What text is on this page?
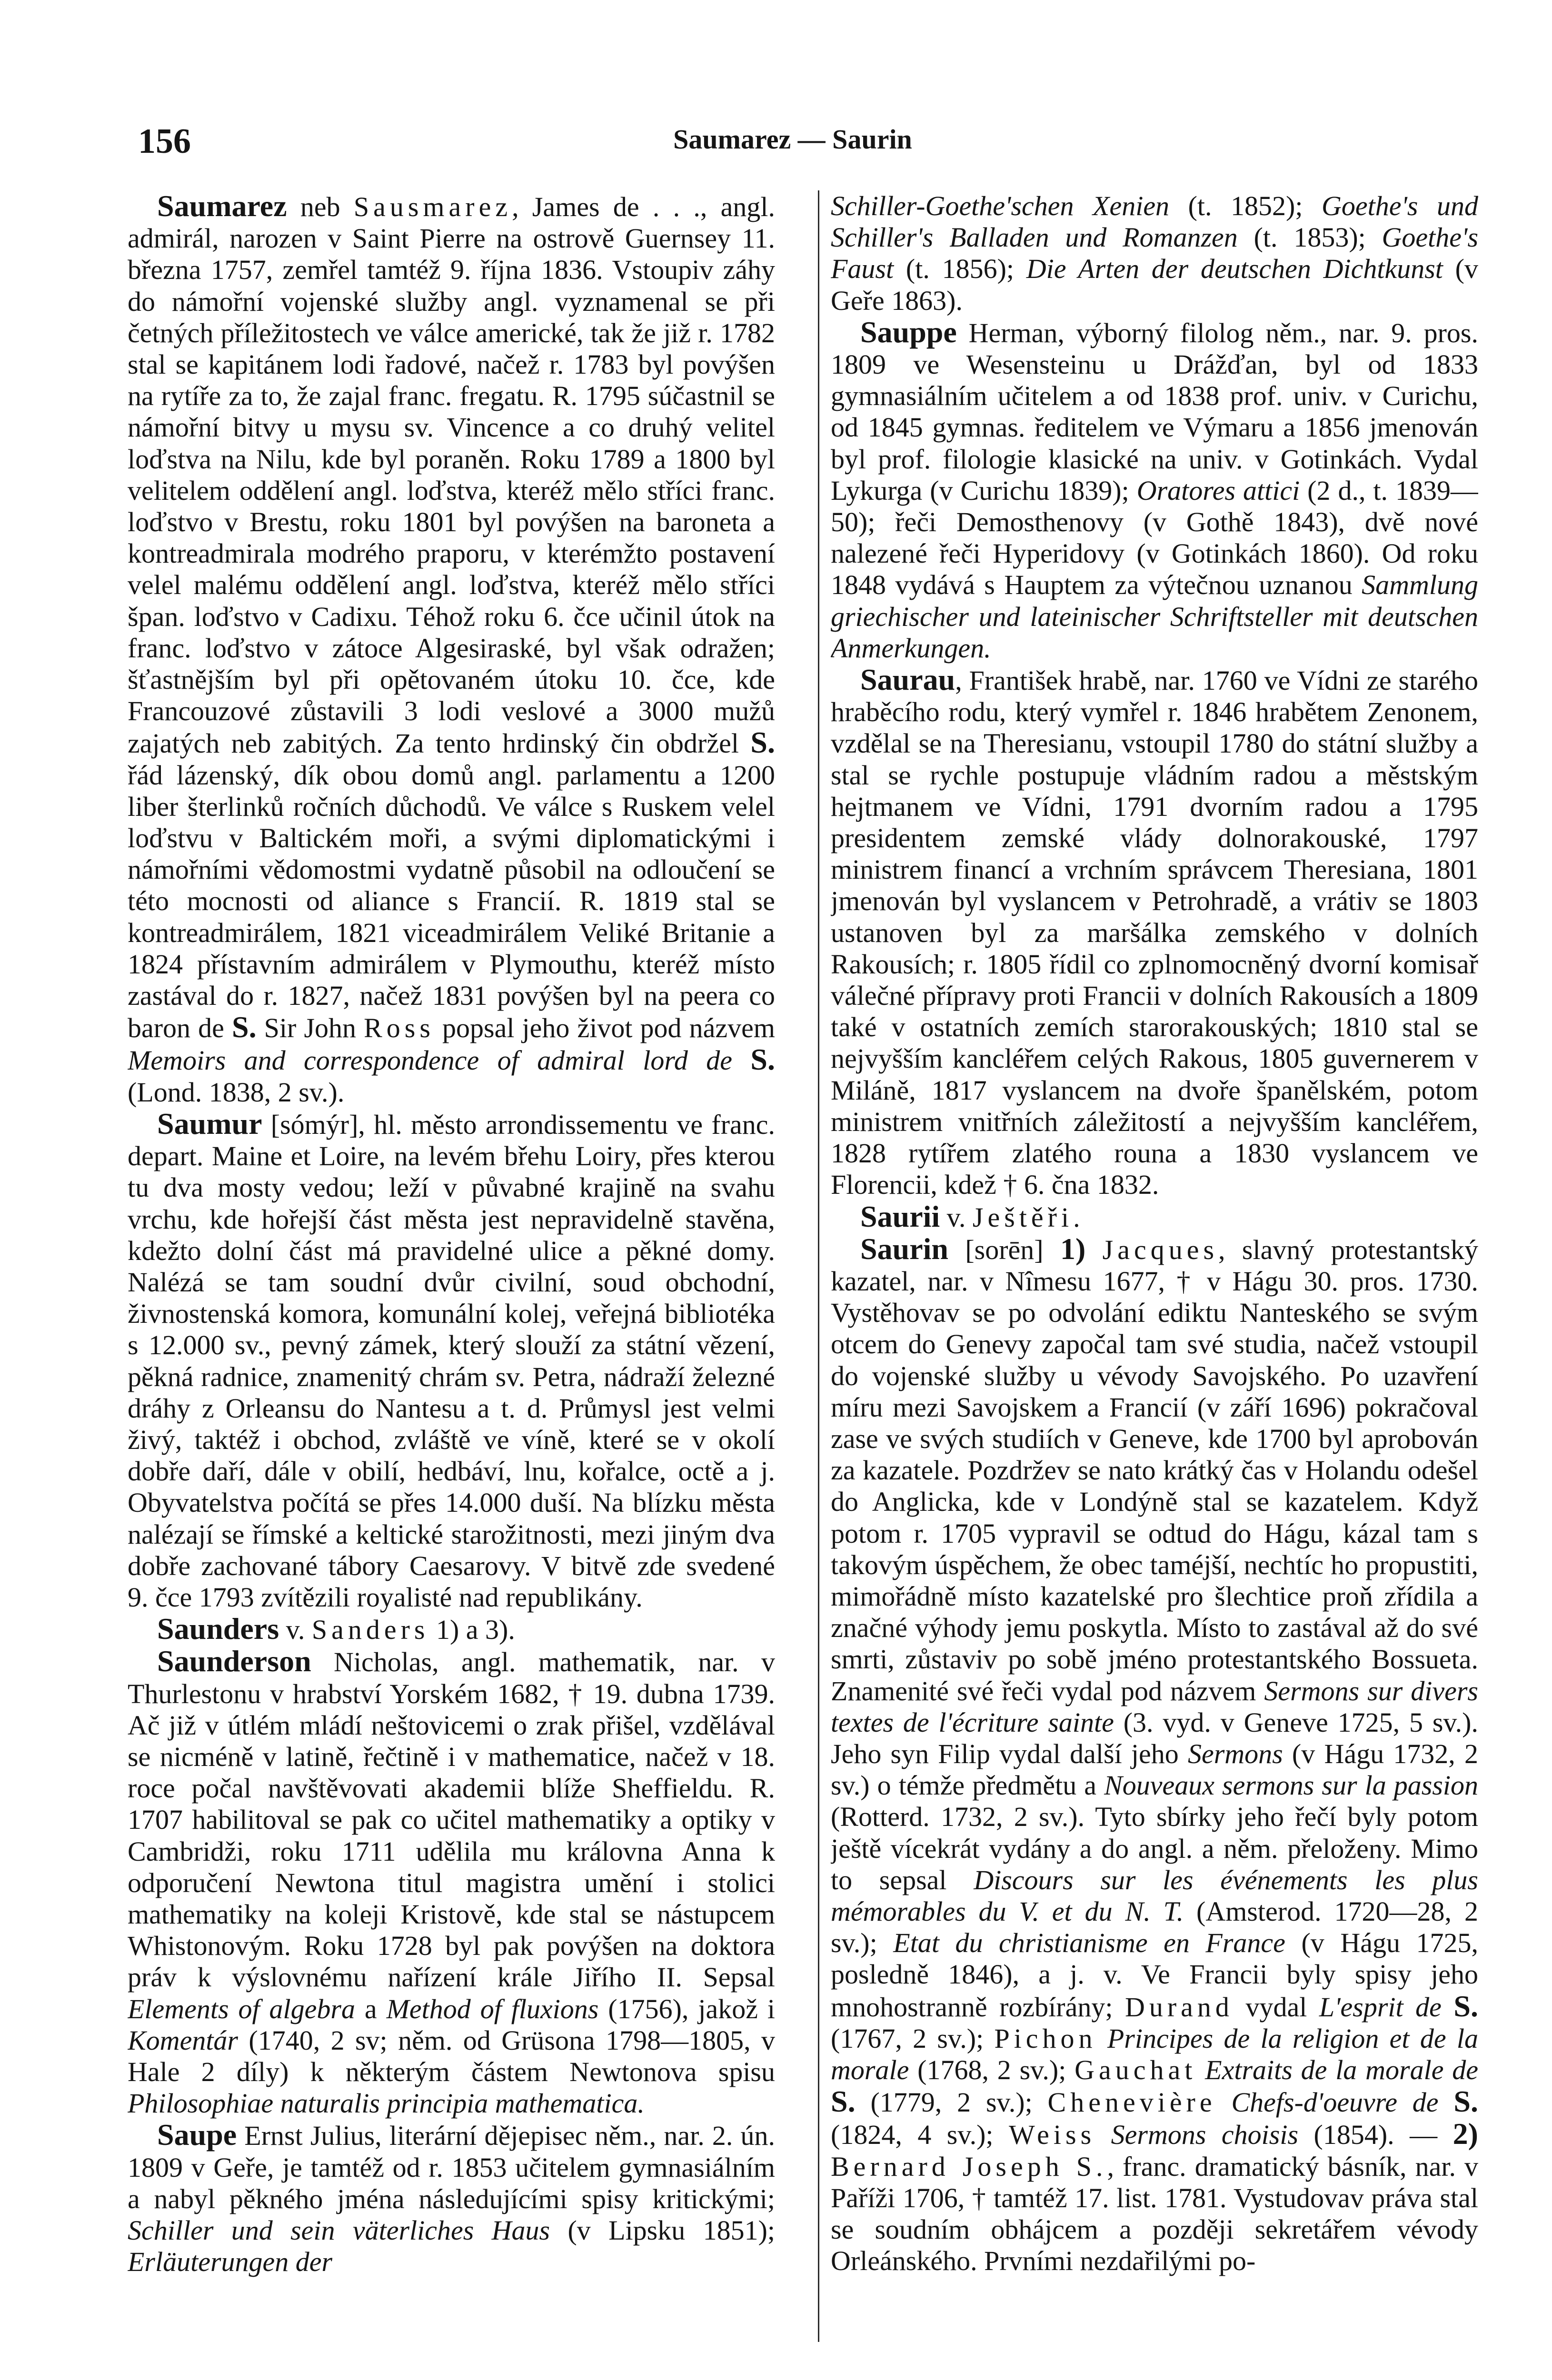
156	Saumarez — Saurin

Saumarez neb Sausmarez, James de . . ., angl. admirál, narozen v Saint Pierre na ostrově Guernsey 11. března 1757, zemřel tamtéž 9. října 1836. Vstoupiv záhy do námořní vojenské služby angl. vyznamenal se při četných příležitostech ve válce americké, tak že již r. 1782 stal se kapitánem lodi řadové, načež r. 1783 byl povýšen na rytíře za to, že zajal franc. fregatu. R. 1795 súčastnil se námořní bitvy u mysu sv. Vincence a co druhý velitel loďstva na Nilu, kde byl poraněn. Roku 1789 a 1800 byl velitelem oddělení angl. loďstva, kteréž mělo stříci franc. loďstvo v Brestu, roku 1801 byl povýšen na baroneta a kontreadmirala modrého praporu, v kterémžto postavení velel malému oddělení angl. loďstva, kteréž mělo stříci špan. loďstvo v Cadixu. Téhož roku 6. čce učinil útok na franc. loďstvo v zátoce Algesiraské, byl však odražen; šťastnějším byl při opětovaném útoku 10. čce, kde Francouzové zůstavili 3 lodi veslové a 3000 mužů zajatých neb zabitých. Za tento hrdinský čin obdržel S. řád lázenský, dík obou domů angl. parlamentu a 1200 liber šterlinků ročních důchodů. Ve válce s Ruskem velel loďstvu v Baltickém moři, a svými diplomatickými i námořními vědomostmi vydatně působil na odloučení se této mocnosti od aliance s Francií. R. 1819 stal se kontreadmirálem, 1821 viceadmirálem Veliké Britanie a 1824 přístavním admirálem v Plymouthu, kteréž místo zastával do r. 1827, načež 1831 povýšen byl na peera co baron de S. Sir John Ross popsal jeho život pod názvem Memoirs and correspondence of admiral lord de S. (Lond. 1838, 2 sv.).

Saumur [sómýr], hl. město arrondissementu ve franc. depart. Maine et Loire, na levém břehu Loiry, přes kterou tu dva mosty vedou; leží v půvabné krajině na svahu vrchu, kde hořejší část města jest nepravidelně stavěna, kdežto dolní část má pravidelné ulice a pěkné domy. Nalézá se tam soudní dvůr civilní, soud obchodní, živnostenská komora, komunální kolej, veřejná bibliotéka s 12.000 sv., pevný zámek, který slouží za státní vězení, pěkná radnice, znamenitý chrám sv. Petra, nádraží železné dráhy z Orleansu do Nantesu a t. d. Průmysl jest velmi živý, taktéž i obchod, zvláště ve víně, které se v okolí dobře daří, dále v obilí, hedbáví, lnu, kořalce, octě a j. Obyvatelstva počítá se přes 14.000 duší. Na blízku města nalézají se římské a keltické starožitnosti, mezi jiným dva dobře zachované tábory Caesarovy. V bitvě zde svedené 9. čce 1793 zvítězili royalisté nad republikány.

Saunders v. Sanders 1) a 3).

Saunderson Nicholas, angl. mathematik, nar. v Thurlestonu v hrabství Yorském 1682, † 19. dubna 1739. Ač již v útlém mládí neštovicemi o zrak přišel, vzdělával se nicméně v latině, řečtině i v mathematice, načež v 18. roce počal navštěvovati akademii blíže Sheffieldu. R. 1707 habilitoval se pak co učitel mathematiky a optiky v Cambridži, roku 1711 udělila mu královna Anna k odporučení Newtona titul magistra umění i stolici mathematiky na koleji Kristově, kde stal se nástupcem Whistonovým. Roku 1728 byl pak povýšen na doktora práv k výslovnému nařízení krále Jiřího II. Sepsal Elements of algebra a Method of fluxions (1756), jakož i Komentár (1740, 2 sv; něm. od Grüsona 1798—1805, v Hale 2 díly) k některým částem Newtonova spisu Philosophiae naturalis principia mathematica.

Saupe Ernst Julius, literární dějepisec něm., nar. 2. ún. 1809 v Geře, je tamtéž od r. 1853 učitelem gymnasiálním a nabyl pěkného jména následujícími spisy kritickými; Schiller und sein väterliches Haus (v Lipsku 1851); Erläuterungen der

Schiller-Goethe'schen Xenien (t. 1852); Goethe's und Schiller's Balladen und Romanzen (t. 1853); Goethe's Faust (t. 1856); Die Arten der deutschen Dichtkunst (v Geře 1863).

Sauppe Herman, výborný filolog něm., nar. 9. pros. 1809 ve Wesensteinu u Drážďan, byl od 1833 gymnasiálním učitelem a od 1838 prof. univ. v Curichu, od 1845 gymnas. ředitelem ve Výmaru a 1856 jmenován byl prof. filologie klasické na univ. v Gotinkách. Vydal Lykurga (v Curichu 1839); Oratores attici (2 d., t. 1839—50); řeči Demosthenovy (v Gothě 1843), dvě nové nalezené řeči Hyperidovy (v Gotinkách 1860). Od roku 1848 vydává s Hauptem za výtečnou uznanou Sammlung griechischer und lateinischer Schriftsteller mit deutschen Anmerkungen.

Saurau, František hrabě, nar. 1760 ve Vídni ze starého hraběcího rodu, který vymřel r. 1846 hrabětem Zenonem, vzdělal se na Theresianu, vstoupil 1780 do státní služby a stal se rychle postupuje vládním radou a městským hejtmanem ve Vídni, 1791 dvorním radou a 1795 presidentem zemské vlády dolnorakouské, 1797 ministrem financí a vrchním správcem Theresiana, 1801 jmenován byl vyslancem v Petrohradě, a vrátiv se 1803 ustanoven byl za maršálka zemského v dolních Rakousích; r. 1805 řídil co zplnomocněný dvorní komisař válečné přípravy proti Francii v dolních Rakousích a 1809 také v ostatních zemích starorakouských; 1810 stal se nejvyšším kancléřem celých Rakous, 1805 guvernerem v Miláně, 1817 vyslancem na dvoře španělském, potom ministrem vnitřních záležitostí a nejvyšším kancléřem, 1828 rytířem zlatého rouna a 1830 vyslancem ve Florencii, kdež † 6. čna 1832.

Saurii v. Ještěři.

Saurin [sorēn] 1) Jacques, slavný protestantský kazatel, nar. v Nîmesu 1677, † v Hágu 30. pros. 1730. Vystěhovav se po odvolání ediktu Nanteského se svým otcem do Genevy započal tam své studia, načež vstoupil do vojenské služby u vévody Savojského. Po uzavření míru mezi Savojskem a Francií (v září 1696) pokračoval zase ve svých studiích v Geneve, kde 1700 byl aprobován za kazatele. Pozdržev se nato krátký čas v Holandu odešel do Anglicka, kde v Londýně stal se kazatelem. Když potom r. 1705 vypravil se odtud do Hágu, kázal tam s takovým úspěchem, že obec taméjší, nechtíc ho propustiti, mimořádně místo kazatelské pro šlechtice proň zřídila a značné výhody jemu poskytla. Místo to zastával až do své smrti, zůstaviv po sobě jméno protestantského Bossueta. Znamenité své řeči vydal pod názvem Sermons sur divers textes de l'écriture sainte (3. vyd. v Geneve 1725, 5 sv.). Jeho syn Filip vydal další jeho Sermons (v Hágu 1732, 2 sv.) o témže předmětu a Nouveaux sermons sur la passion (Rotterd. 1732, 2 sv.). Tyto sbírky jeho řečí byly potom ještě vícekrát vydány a do angl. a něm. přeloženy. Mimo to sepsal Discours sur les événements les plus mémorables du V. et du N. T. (Amsterod. 1720—28, 2 sv.); Etat du christianisme en France (v Hágu 1725, posledně 1846), a j. v. Ve Francii byly spisy jeho mnohostranně rozbírány; Durand vydal L'esprit de S. (1767, 2 sv.); Pichon Principes de la religion et de la morale (1768, 2 sv.); Gauchat Extraits de la morale de S. (1779, 2 sv.); Chenevière Chefs-d'oeuvre de S. (1824, 4 sv.); Weiss Sermons choisis (1854). — 2) Bernard Joseph S., franc. dramatický básník, nar. v Paříži 1706, † tamtéž 17. list. 1781. Vystudovav práva stal se soudním obhájcem a později sekretářem vévody Orleánského. Prvními nezdařilými po-
